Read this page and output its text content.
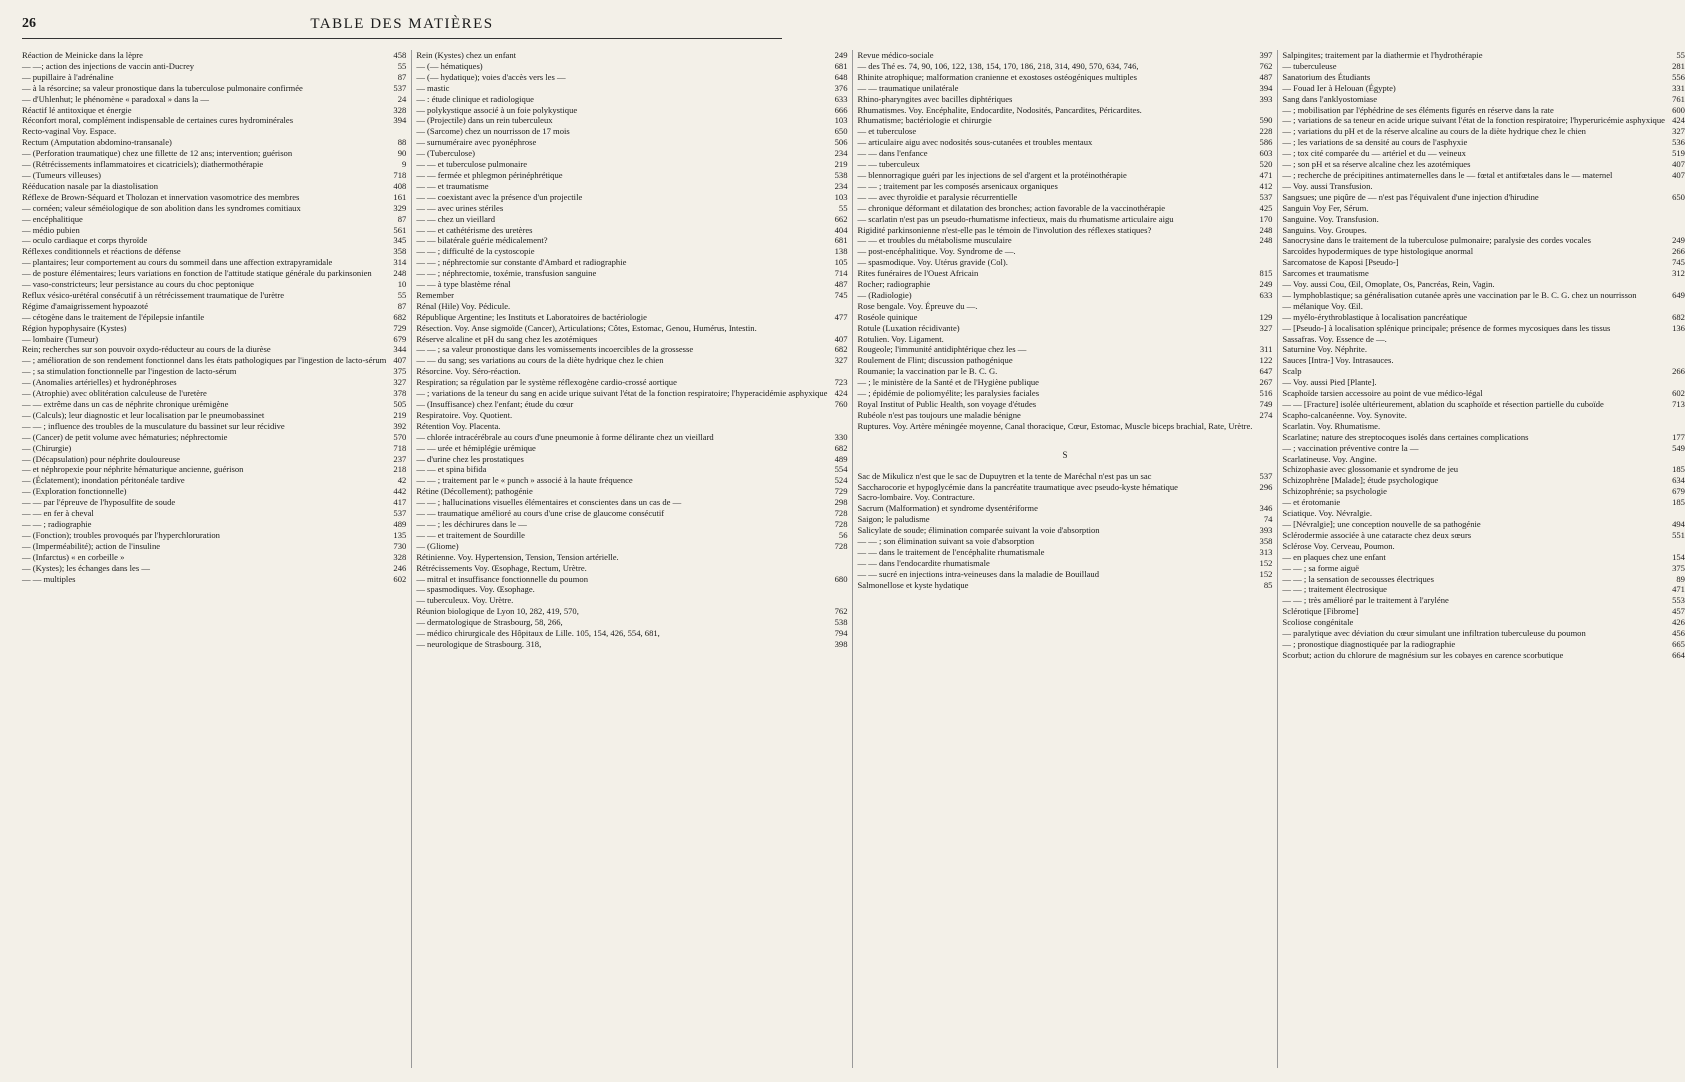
26	TABLE DES MATIÈRES
Réaction de Meinicke dans la lèpre	458
— —; action des injections de vaccin anti-Ducrey	55
— pupillaire à l'adrénaline	87
— à la résorcine; sa valeur pronostique dans la tuberculose pulmonaire confirmée	537
— d'Uhlenhut; le phénomène « paradoxal » dans la —	24
Réactif lé antitoxique et énergie	328
Réconfort moral, complément indispensable de certaines cures hydrominérales	394
Recto-vaginal Voy. Espace.
Rectum (Amputation abdomino-transanale)	88
— (Perforation traumatique) chez une fillette de 12 ans; intervention; guérison	90
— (Rétrécissements inflammatoires et cicatriciels); diathermothérapie	9
— (Tumeurs villeuses)	718
Rééducation nasale par la diastolisation	408
Réflexe de Brown-Séquard et Tholozan et innervation vasomotrice des membres	161
— cornéen; valeur séméiologique de son abolition dans les syndromes comitiaux	329
— encéphalitique	87
— médio pubien	561
— oculo cardiaque et corps thyroïde	345
Réflexes conditionnels et réactions de défense	358
— plantaires; leur comportement au cours du sommeil dans une affection extrapyramidale	314
— de posture élémentaires; leurs variations en fonction de l'attitude statique générale du parkinsonien	248
— vaso-constricteurs; leur persistance au cours du choc peptonique	10
Reflux vésico-urétéral consécutif à un rétrécissement traumatique de l'urètre	55
Régime d'amaigrissement hypoazoté	87
— cétogène dans le traitement de l'épilepsie infantile	682
Région hypophysaire (Kystes)	729
— lombaire (Tumeur)	679
Rein; recherches sur son pouvoir oxydo-réducteur au cours de la diurèse	344
— ; amélioration de son rendement fonctionnel dans les états pathologiques par l'ingestion de lacto-sérum 407
— ; sa stimulation fonctionnelle par l'ingestion de lacto-sérum	375
— (Anomalies artérielles) et hydronéphroses	327
— (Atrophie) avec oblitération calculeuse de l'uretère	378
— — extrême dans un cas de néphrite chronique urémigène	505
— (Calculs); leur diagnostic et leur localisation par le pneumobassinet	219
— — ; influence des troubles de la musculature du bassinet sur leur récidive	392
— (Cancer) de petit volume avec hématuries; néphrectomie	570
— (Chirurgie)	718
— (Décapsulation) pour néphrite douloureuse	237
— et néphropexie pour néphrite hématurique ancienne, guérison	218
— (Éclatement); inondation péritonéale tardive	42
— (Exploration fonctionnelle)	442
— — par l'épreuve de l'hyposulfite de soude	417
— — en fer à cheval	537
— — ; radiographie	489
— (Fonction); troubles provoqués par l'hyperchloruration	135
— (Imperméabilité); action de l'insuline	730
— (Infarctus) « en corbeille »	328
— (Kystes); les échanges dans les —	246
— — multiples	602
Rein (Kystes) chez un enfant	249
— (— hématiques)	681
— (— hydatique); voies d'accès vers les —	648
— mastic	376
— : étude clinique et radiologique	633
— polykystique associé à un foie polykystique	666
— (Projectile) dans un rein tuberculeux	103
— (Sarcome) chez un nourrisson de 17 mois	650
— surnuméraire avec pyonéphrose	506
— (Tuberculose)	234
— — et tuberculose pulmonaire	219
— — fermée et phlegmon périnéphrétique	538
— — et traumatisme	234
— — coexistant avec la présence d'un projectile	103
— — avec urines stériles	55
— — chez un vieillard	662
— — et cathétérisme des uretères	404
— — bilatérale guérie médicalement?	681
— — ; difficulté de la cystoscopie	138
— — ; néphrectomie sur constante d'Ambard et radiographie	105
— — ; néphrectomie, toxémie, transfusion sanguine	714
— — à type blastème rénal	487
Remember	745
Rénal (Hile) Voy. Pédicule.
République Argentine; les Instituts et Laboratoires de bactériologie	477
Résection. Voy. Anse sigmoïde (Cancer), Articulations; Côtes, Estomac, Genou, Humérus, Intestin.
Réserve alcaline et pH du sang chez les azotémiques	407
— — ; sa valeur pronostique dans les vomissements incoercibles de la grossesse	682
— — du sang; ses variations au cours de la diète hydrique chez le chien	327
Résorcine. Voy. Séro-réaction.
Respiration; sa régulation par le système réflexogène cardio-crossé aortique	723
— ; variations de la teneur du sang en acide urique suivant l'état de la fonction respiratoire; l'hyperacidémie asphyxique 424
— (Insuffisance) chez l'enfant; étude du cœur	760
Respiratoire. Voy. Quotient.
Rétention Voy. Placenta.
— chlorée intracérébrale au cours d'une pneumonie à forme délirante chez un vieillard	330
— — urée et hémiplégie urémique	682
— d'urine chez les prostatiques	489
— — et spina bifida	554
— — ; traitement par le « punch » associé à la haute fréquence	524
Rétine (Décollement); pathogénie	729
— — ; hallucinations visuelles élémentaires et conscientes dans un cas de —	298
— — traumatique amélioré au cours d'une crise de glaucome consécutif	728
— — ; les déchirures dans le —	728
— — et traitement de Sourdille	56
— (Gliome)	728
Rétinienne. Voy. Hypertension, Tension, Tension artérielle.
Rétrécissements Voy. Œsophage, Rectum, Urètre.
— mitral et insuffisance fonctionnelle du poumon	680
— spasmodiques. Voy. Œsophage.
— tuberculeux. Voy. Urètre.
Réunion biologique de Lyon 10, 282, 419, 570,	762
— dermatologique de Strasbourg, 58, 266,	538
— médico chirurgicale des Hôpitaux de Lille. 105, 154, 426, 554, 681,	794
— neurologique de Strasbourg. 318,	398
Revue médico-sociale	397
— des Thé es. 74, 90, 106, 122, 138, 154, 170, 186, 218, 314, 490, 570, 634, 746,	762
Rhinite atrophique; malformation cranienne et exostoses ostéogéniques multiples	487
— — traumatique unilatérale	394
Rhino-pharyngites avec bacilles diphtériques	393
Rhumatismes. Voy. Encéphalite, Endocardite, Nodosités, Pancardites, Péricardites.
Rhumatisme; bactériologie et chirurgie	590
— et tuberculose	228
— articulaire aigu avec nodosités sous-cutanées et troubles mentaux	586
— — dans l'enfance	603
— — tuberculeux	520
— blennorragique guéri par les injections de sel d'argent et la protéinothérapie	471
— — ; traitement par les composés arsenicaux organiques	412
— — avec thyroïdie et paralysie récurrentielle	537
— chronique déformant et dilatation des bronches; action favorable de la vaccinothérapie	425
— scarlatin n'est pas un pseudo-rhumatisme infectieux, mais du rhumatisme articulaire aigu	170
Rigidité parkinsonienne n'est-elle pas le témoin de l'involution des réflexes statiques?	248
— — et troubles du métabolisme musculaire	248
— post-encéphalitique. Voy. Syndrome de —.
— spasmodique. Voy. Utérus gravide (Col).
Rites funéraires de l'Ouest Africain	815
Rocher; radiographie	249
— (Radiologie)	633
Rose bengale. Voy. Épreuve du —.
Roséole quinique	129
Rotule (Luxation récidivante)	327
Rotulien. Voy. Ligament.
Rougeole; l'immunité antidiphtérique chez les —	311
Roulement de Flint; discussion pathogénique	122
Roumanie; la vaccination par le B. C. G.	647
— ; le ministère de la Santé et de l'Hygiène publique	267
— ; épidémie de poliomyélite; les paralysies faciales	516
Royal Institut of Public Health, son voyage d'études	749
Rubéole n'est pas toujours une maladie bénigne	274
Ruptures. Voy. Artère méningée moyenne, Canal thoracique, Cœur, Estomac, Muscle biceps brachial, Rate, Urètre.
S
Sac de Mikulicz n'est que le sac de Dupuytren et la tente de Maréchal n'est pas un sac	537
Saccharocorie et hypoglycémie dans la pancréatite traumatique avec pseudo-kyste hématique	296
Sacro-lombaire. Voy. Contracture.
Sacrum (Malformation) et syndrome dysentériforme	346
Saigon; le paludisme	74
Salicylate de soude; élimination comparée suivant la voie d'absorption	393
— — ; son élimination suivant sa voie d'absorption	358
— — dans le traitement de l'encéphalite rhumatismale	313
— — dans l'endocardite rhumatismale	152
— — sucré en injections intra-veineuses dans la maladie de Bouillaud	152
Salmonellose et kyste hydatique	85
Salpingites; traitement par la diathermie et l'hydrothérapie	55
— tuberculeuse	281
Sanatorium des Étudiants	556
— Fouad Ier à Helouan (Égypte)	331
Sang dans l'anklyostomiase	761
— ; mobilisation par l'éphédrine de ses éléments figurés en réserve dans la rate	600
— ; variations de sa teneur en acide urique suivant l'état de la fonction respiratoire; l'hyperuricémie asphyxique 424
— ; variations du pH et de la réserve alcaline au cours de la diète hydrique chez le chien	327
— ; les variations de sa densité au cours de l'asphyxie	536
— ; tox cité comparée du — artériel et du — veineux	519
— ; son pH et sa réserve alcaline chez les azotémiques	407
— ; recherche de précipitines antimaternelles dans le — fœtal et antifœtales dans le — maternel	407
— Voy. aussi Transfusion.
Sangsues; une piqûre de — n'est pas l'équivalent d'une injection d'hirudine	650
Sanguin Voy Fer, Sérum.
Sanguine. Voy. Transfusion.
Sanguins. Voy. Groupes.
Sanocrysine dans le traitement de la tuberculose pulmonaire; paralysie des cordes vocales	249
Sarcoïdes hypodermiques de type histologique anormal	266
Sarcomatose de Kaposi [Pseudo-]	745
Sarcomes et traumatisme	312
— Voy. aussi Cou, Œil, Omoplate, Os, Pancréas, Rein, Vagin.
— lymphoblastique; sa généralisation cutanée après une vaccination par le B. C. G. chez un nourrisson	649
— mélanique Voy. Œil.
— myélo-érythroblastique à localisation pancréatique	682
— [Pseudo-] à localisation splénique principale; présence de formes mycosiques dans les tissus	136
Sassafras. Voy. Essence de —.
Saturnine Voy. Néphrite.
Sauces [Intra-] Voy. Intrasauces.
Scalp	266
— Voy. aussi Pied [Plante].
Scaphoïde tarsien accessoire au point de vue médico-légal	602
— — [Fracture] isolée ultérieurement, ablation du scaphoïde et résection partielle du cuboïde	713
Scapho-calcanéenne. Voy. Synovite.
Scarlatin. Voy. Rhumatisme.
Scarlatine; nature des streptocoques isolés dans certaines complications	177
— ; vaccination préventive contre la —	549
Scarlatineuse. Voy. Angine.
Schizophasie avec glossomanie et syndrome de jeu	185
Schizophrène [Malade]; étude psychologique	634
Schizophrénie; sa psychologie	679
— et érotomanie	185
Sciatique. Voy. Névralgie.
— [Névralgie]; une conception nouvelle de sa pathogénie	494
Sclérodermie associée à une cataracte chez deux sœurs	551
Sclérose Voy. Cerveau, Poumon.
— en plaques chez une enfant	154
— — ; sa forme aiguë	375
— — ; la sensation de secousses électriques	89
— — ; traitement électrosique	471
— — ; très amélioré par le traitement à l'aryléne	553
Sclérotique [Fibrome]	457
Scoliose congénitale	426
— paralytique avec déviation du cœur simulant une infiltration tuberculeuse du poumon	456
— ; pronostique diagnostiquée par la radiographie	665
Scorbut; action du chlorure de magnésium sur les cobayes en carence scorbutique	664
